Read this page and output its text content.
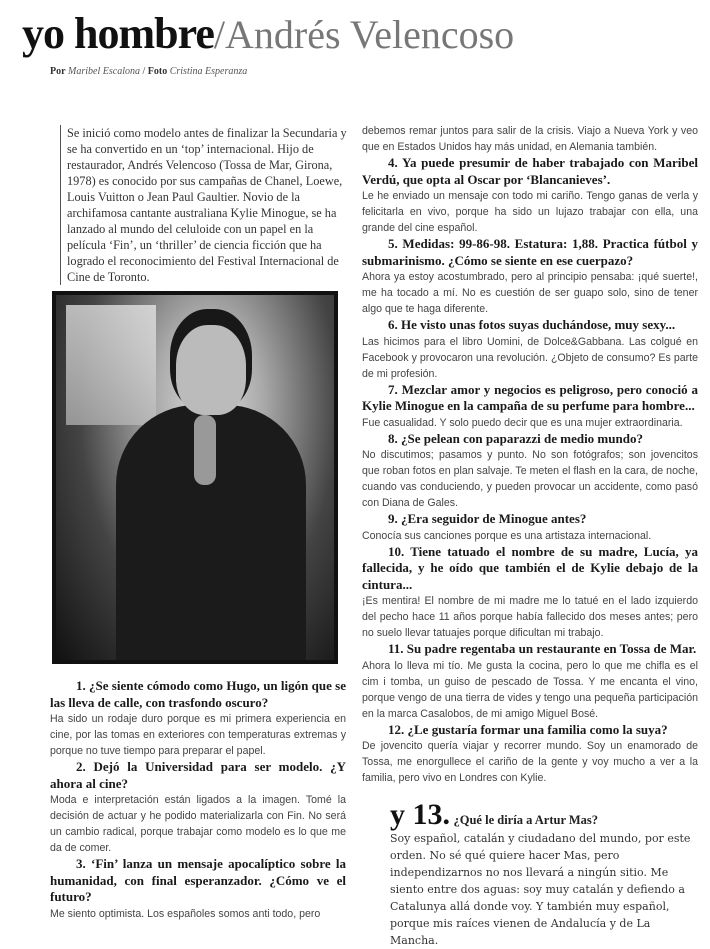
yo hombre/Andrés Velencoso
Por Maribel Escalona / Foto Cristina Esperanza
Se inició como modelo antes de finalizar la Secundaria y se ha convertido en un ‘top’ internacional. Hijo de restaurador, Andrés Velencoso (Tossa de Mar, Girona, 1978) es conocido por sus campañas de Chanel, Loewe, Louis Vuitton o Jean Paul Gaultier. Novio de la archifamosa cantante australiana Kylie Minogue, se ha lanzado al mundo del celuloide con un papel en la película ‘Fin’, un ‘thriller’ de ciencia ficción que ha logrado el reconocimiento del Festival Internacional de Cine de Toronto.

1. ¿Se siente cómodo como Hugo, un ligón que se las lleva de calle, con trasfondo oscuro?

Ha sido un rodaje duro porque es mi primera experiencia en cine, por las tomas en exteriores con temperaturas extremas y porque no tuve tiempo para preparar el papel.

2. Dejó la Universidad para ser modelo. ¿Y ahora al cine?

Moda e interpretación están ligados a la imagen. Tomé la decisión de actuar y he podido materializarla con Fin. No será un cambio radical, porque trabajar como modelo es lo que me da de comer.

3. ‘Fin’ lanza un mensaje apocalíptico sobre la humanidad, con final esperanzador. ¿Cómo ve el futuro?

Me siento optimista. Los españoles somos anti todo, pero

debemos remar juntos para salir de la crisis. Viajo a Nueva York y veo que en Estados Unidos hay más unidad, en Alemania también.

4. Ya puede presumir de haber trabajado con Maribel Verdú, que opta al Oscar por ‘Blancanieves’.

Le he enviado un mensaje con todo mi cariño. Tengo ganas de verla y felicitarla en vivo, porque ha sido un lujazo trabajar con ella, una grande del cine español.

5. Medidas: 99-86-98. Estatura: 1,88. Practica fútbol y submarinismo. ¿Cómo se siente en ese cuerpazo?

Ahora ya estoy acostumbrado, pero al principio pensaba: ¡qué suerte!, me ha tocado a mí. No es cuestión de ser guapo solo, sino de tener algo que te haga diferente.

6. He visto unas fotos suyas duchándose, muy sexy...

Las hicimos para el libro Uomini, de Dolce&Gabbana. Las colgué en Facebook y provocaron una revolución. ¿Objeto de consumo? Es parte de mi profesión.

7. Mezclar amor y negocios es peligroso, pero conoció a Kylie Minogue en la campaña de su perfume para hombre...

Fue casualidad. Y solo puedo decir que es una mujer extraordinaria.

8. ¿Se pelean con paparazzi de medio mundo?

No discutimos; pasamos y punto. No son fotógrafos; son jovencitos que roban fotos en plan salvaje. Te meten el flash en la cara, de noche, cuando vas conduciendo, y pueden provocar un accidente, como pasó con Diana de Gales.

9. ¿Era seguidor de Minogue antes?

Conocía sus canciones porque es una artistaza internacional.

10. Tiene tatuado el nombre de su madre, Lucía, ya fallecida, y he oído que también el de Kylie debajo de la cintura...

¡Es mentira! El nombre de mi madre me lo tatué en el lado izquierdo del pecho hace 11 años porque había fallecido dos meses antes; pero no suelo llevar tatuajes porque dificultan mi trabajo.

11. Su padre regentaba un restaurante en Tossa de Mar.

Ahora lo lleva mi tío. Me gusta la cocina, pero lo que me chifla es el cim i tomba, un guiso de pescado de Tossa. Y me encanta el vino, porque vengo de una tierra de vides y tengo una pequeña participación en la marca Casalobos, de mi amigo Miguel Bosé.

12. ¿Le gustaría formar una familia como la suya?

De jovencito quería viajar y recorrer mundo. Soy un enamorado de Tossa, me enorgullece el cariño de la gente y voy mucho a ver a la familia, pero vivo en Londres con Kylie.

y 13. ¿Qué le diría a Artur Mas?
Soy español, catalán y ciudadano del mundo, por este orden. No sé qué quiere hacer Mas, pero independizarnos no nos llevará a ningún sitio. Me siento entre dos aguas: soy muy catalán y defiendo a Catalunya allá donde voy. Y también muy español, porque mis raíces vienen de Andalucía y de La Mancha.
